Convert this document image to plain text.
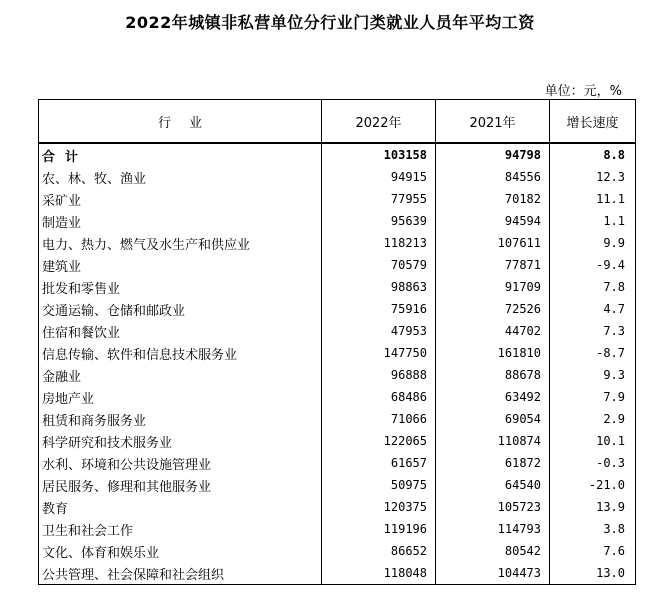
2022年城镇非私营单位分行业门类就业人员年平均工资
单位：元，%
行业	2022年	2021年	增长速度
合计	103158	94798	8.8
农、林、牧、渔业	94915	84556	12.3
采矿业	77955	70182	11.1
制造业	95639	94594	1.1
电力、热力、燃气及水生产和供应业	118213	107611	9.9
建筑业	70579	77871	-9.4
批发和零售业	98863	91709	7.8
交通运输、仓储和邮政业	75916	72526	4.7
住宿和餐饮业	47953	44702	7.3
信息传输、软件和信息技术服务业	147750	161810	-8.7
金融业	96888	88678	9.3
房地产业	68486	63492	7.9
租赁和商务服务业	71066	69054	2.9
科学研究和技术服务业	122065	110874	10.1
水利、环境和公共设施管理业	61657	61872	-0.3
居民服务、修理和其他服务业	50975	64540	-21.0
教育	120375	105723	13.9
卫生和社会工作	119196	114793	3.8
文化、体育和娱乐业	86652	80542	7.6
公共管理、社会保障和社会组织	118048	104473	13.0
